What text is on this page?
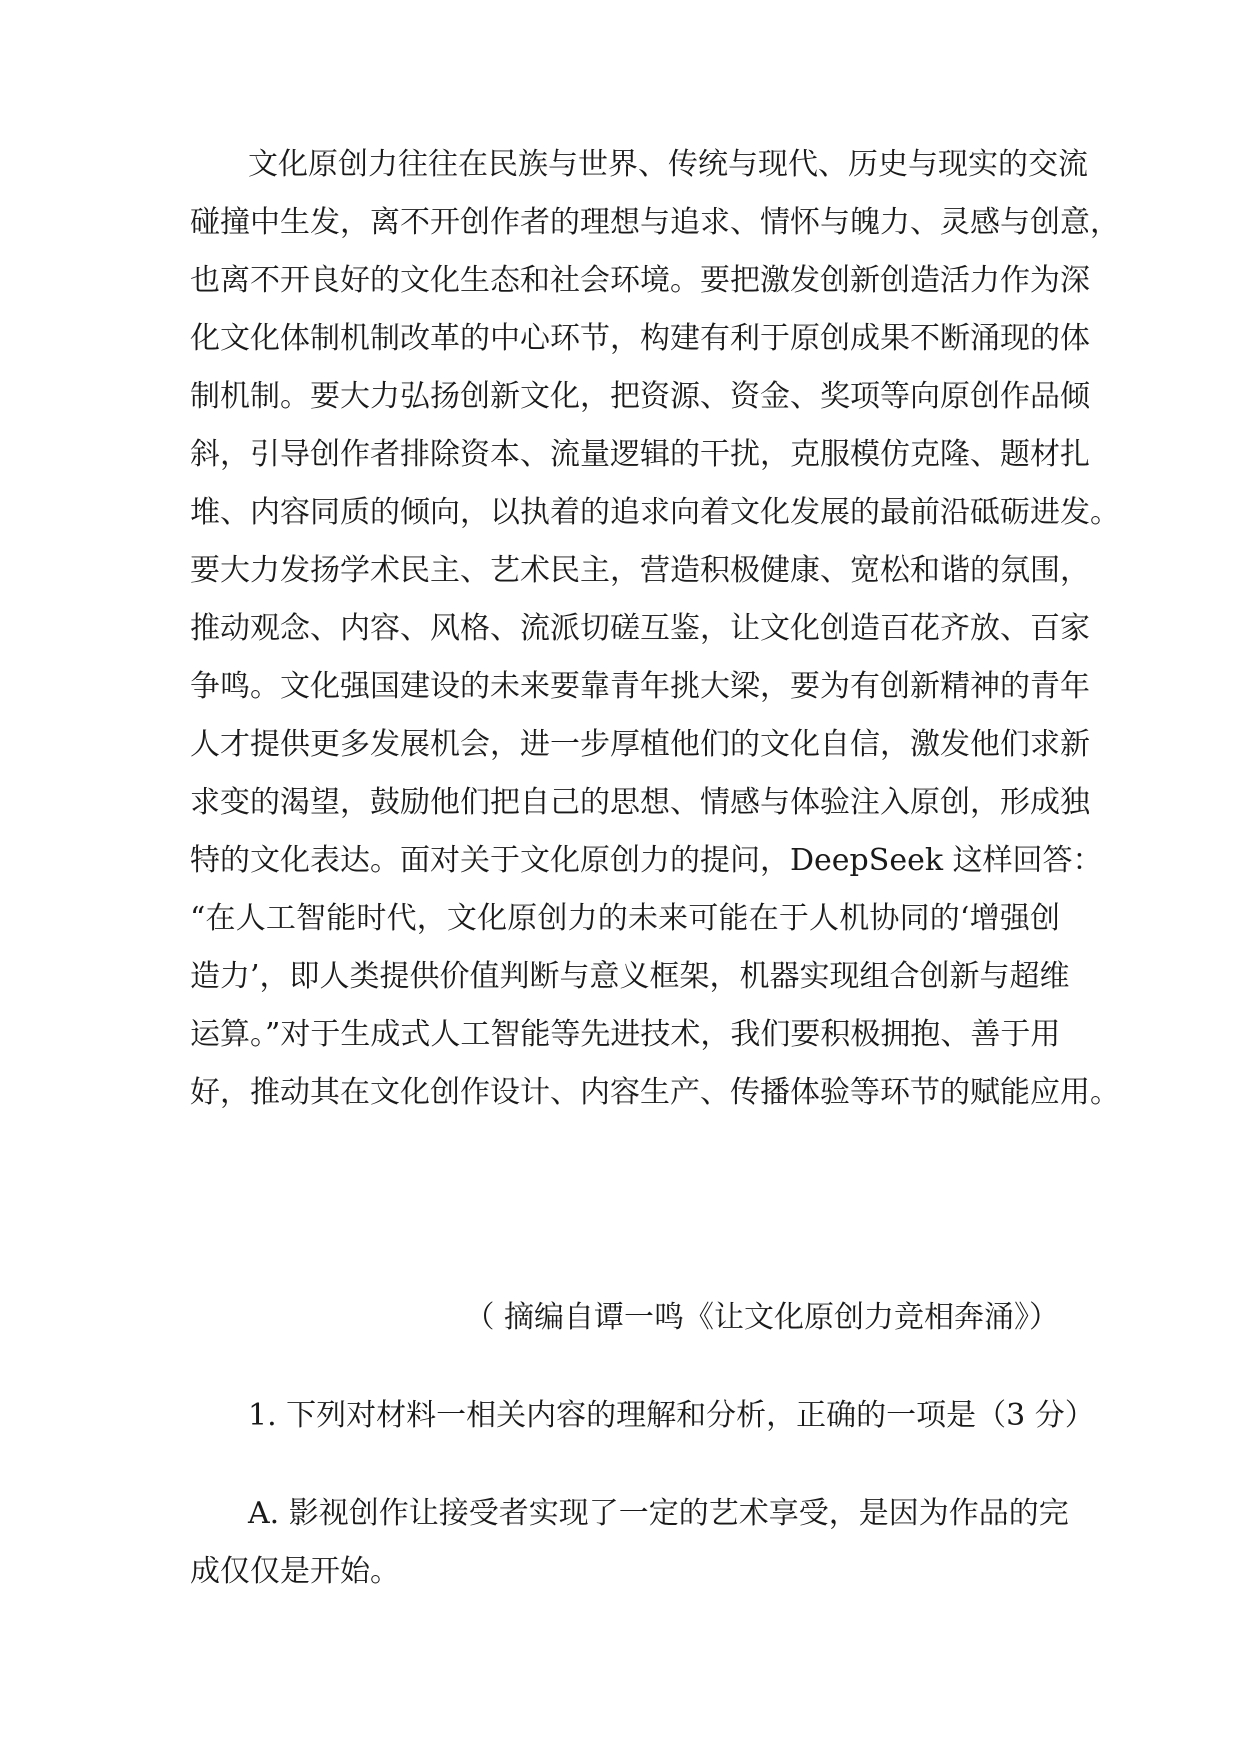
文化原创力往往在民族与世界、传统与现代、历史与现实的交流
碰撞中生发，离不开创作者的理想与追求、情怀与魄力、灵感与创意，
也离不开良好的文化生态和社会环境。要把激发创新创造活力作为深
化文化体制机制改革的中心环节，构建有利于原创成果不断涌现的体
制机制。要大力弘扬创新文化，把资源、资金、奖项等向原创作品倾
斜，引导创作者排除资本、流量逻辑的干扰，克服模仿克隆、题材扎
堆、内容同质的倾向，以执着的追求向着文化发展的最前沿砥砺进发。
要大力发扬学术民主、艺术民主，营造积极健康、宽松和谐的氛围，
推动观念、内容、风格、流派切磋互鉴，让文化创造百花齐放、百家
争鸣。文化强国建设的未来要靠青年挑大梁，要为有创新精神的青年
人才提供更多发展机会，进一步厚植他们的文化自信，激发他们求新
求变的渴望，鼓励他们把自己的思想、情感与体验注入原创，形成独
特的文化表达。面对关于文化原创力的提问，DeepSeek 这样回答：
“在人工智能时代，文化原创力的未来可能在于人机协同的‘增强创
造力’，即人类提供价值判断与意义框架，机器实现组合创新与超维
运算。”对于生成式人工智能等先进技术，我们要积极拥抱、善于用
好，推动其在文化创作设计、内容生产、传播体验等环节的赋能应用。
（ 摘编自谭一鸣《让文化原创力竞相奔涌》）
1. 下列对材料一相关内容的理解和分析，正确的一项是（3 分）
A. 影视创作让接受者实现了一定的艺术享受，是因为作品的完
成仅仅是开始。
